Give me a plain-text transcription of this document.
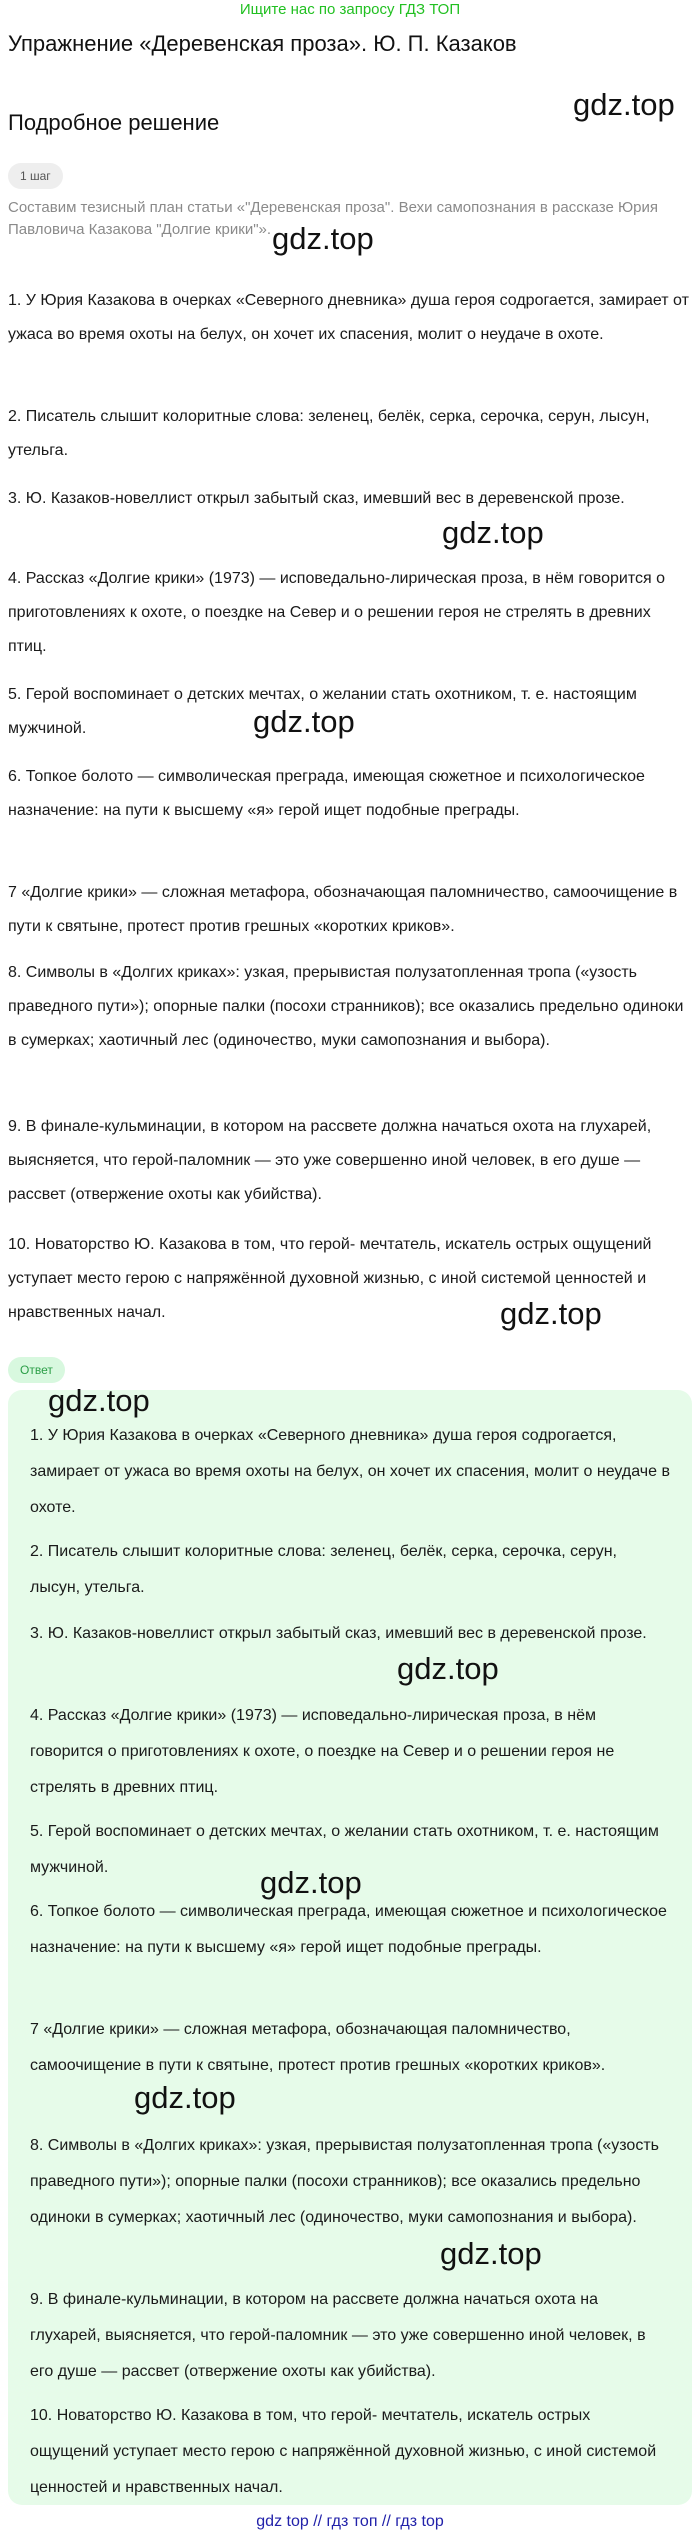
Ищите нас по запросу ГДЗ ТОП
Упражнение «Деревенская проза». Ю. П. Казаков
Подробное решение
gdz.top
1 шаг

Составим тезисный план статьи «"Деревенская проза". Вехи самопознания в рассказе Юрия Павловича Казакова "Долгие крики"». gdz.top

1. У Юрия Казакова в очерках «Северного дневника» душа героя содрогается, замирает от ужаса во время охоты на белух, он хочет их спасения, молит о неудаче в охоте.

2. Писатель слышит колоритные слова: зеленец, белёк, серка, серочка, серун, лысун, утельга.

3. Ю. Казаков-новеллист открыл забытый сказ, имевший вес в деревенской прозе.

gdz.top

4. Рассказ «Долгие крики» (1973) — исповедально-лирическая проза, в нём говорится о приготовлениях к охоте, о поездке на Север и о решении героя не стрелять в древних птиц.

5. Герой воспоминает о детских мечтах, о желании стать охотником, т. е. настоящим мужчиной.	gdz.top

6. Топкое болото — символическая преграда, имеющая сюжетное и психологическое назначение: на пути к высшему «я» герой ищет подобные преграды.

7 «Долгие крики» — сложная метафора, обозначающая паломничество, самоочищение в пути к святыне, протест против грешных «коротких криков».

8. Символы в «Долгих криках»: узкая, прерывистая полузатопленная тропа («узость праведного пути»); опорные палки (посохи странников); все оказались предельно одиноки в сумерках; хаотичный лес (одиночество, муки самопознания и выбора).

9. В финале-кульминации, в котором на рассвете должна начаться охота на глухарей, выясняется, что герой-паломник — это уже совершенно иной человек, в его душе — рассвет (отвержение охоты как убийства).

10. Новаторство Ю. Казакова в том, что герой- мечтатель, искатель острых ощущений уступает место герою с напряжённой духовной жизнью, с иной системой ценностей и нравственных начал.	gdz.top
Ответ
gdz.top

1. У Юрия Казакова в очерках «Северного дневника» душа героя содрогается, замирает от ужаса во время охоты на белух, он хочет их спасения, молит о неудаче в охоте.

2. Писатель слышит колоритные слова: зеленец, белёк, серка, серочка, серун, лысун, утельга.

3. Ю. Казаков-новеллист открыл забытый сказ, имевший вес в деревенской прозе.

gdz.top

4. Рассказ «Долгие крики» (1973) — исповедально-лирическая проза, в нём говорится о приготовлениях к охоте, о поездке на Север и о решении героя не стрелять в древних птиц.

5. Герой воспоминает о детских мечтах, о желании стать охотником, т. е. настоящим мужчиной.	gdz.top

6. Топкое болото — символическая преграда, имеющая сюжетное и психологическое назначение: на пути к высшему «я» герой ищет подобные преграды.

7 «Долгие крики» — сложная метафора, обозначающая паломничество, самоочищение в пути к святыне, протест против грешных «коротких криков».

gdz.top

8. Символы в «Долгих криках»: узкая, прерывистая полузатопленная тропа («узость праведного пути»); опорные палки (посохи странников); все оказались предельно одиноки в сумерках; хаотичный лес (одиночество, муки самопознания и выбора).

gdz.top

9. В финале-кульминации, в котором на рассвете должна начаться охота на глухарей, выясняется, что герой-паломник — это уже совершенно иной человек, в его душе — рассвет (отвержение охоты как убийства).

10. Новаторство Ю. Казакова в том, что герой- мечтатель, искатель острых ощущений уступает место герою с напряжённой духовной жизнью, с иной системой ценностей и нравственных начал.

gdz top // гдз топ // гдз top
